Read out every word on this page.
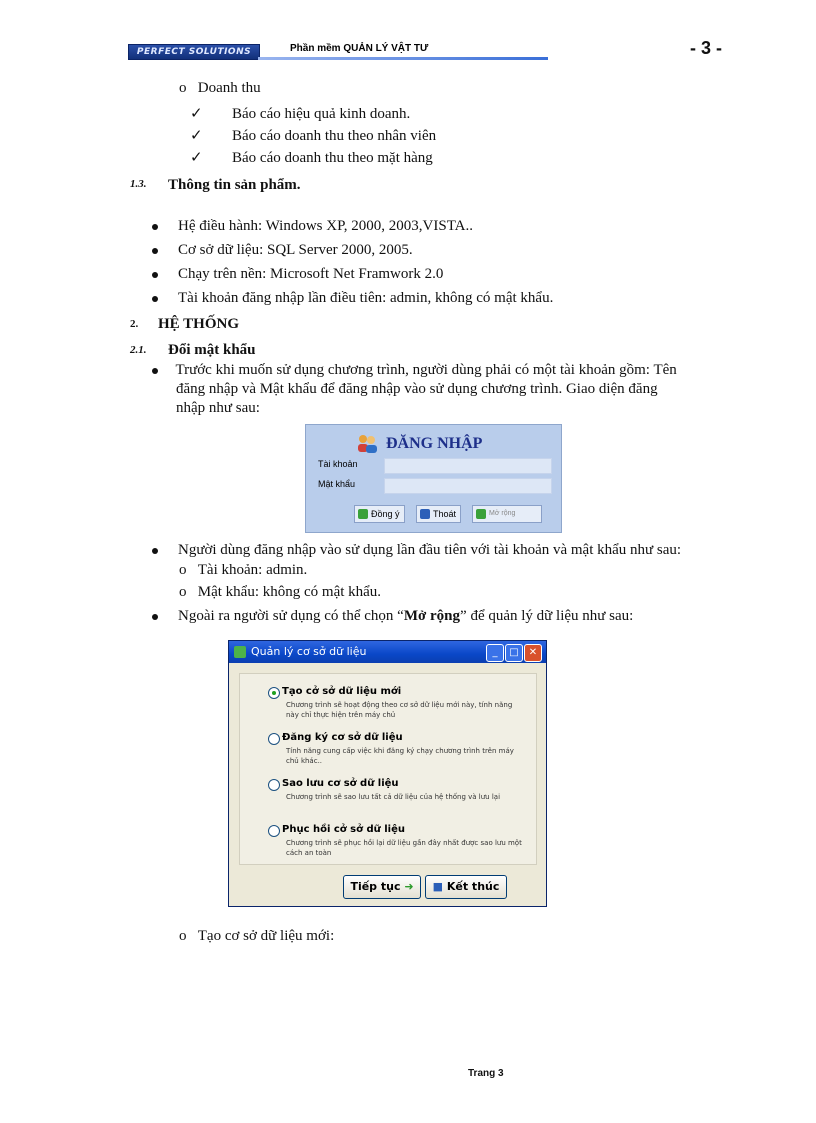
PERFECT SOLUTIONS	Phần mềm QUẢN LÝ VẬT TƯ	- 3 -
o   Doanh thu
✓ Báo cáo hiệu quả kinh doanh.
✓ Báo cáo doanh thu theo nhân viên
✓ Báo cáo doanh thu theo mặt hàng
1.3. Thông tin sản phẩm.
Hệ điều hành: Windows XP, 2000, 2003,VISTA..
Cơ sở dữ liệu: SQL Server 2000, 2005.
Chạy trên nền: Microsoft Net Framwork 2.0
Tài khoản đăng nhập lần điều tiên: admin, không có mật khẩu.
2. HỆ THỐNG
2.1. Đổi mật khẩu
Trước khi muốn sử dụng chương trình, người dùng phải có một tài khoản gồm: Tên
đăng nhập và Mật khẩu để đăng nhập vào sử dụng chương trình. Giao diện đăng
nhập như sau:
ĐĂNG NHẬP
Tài khoản
Mật khẩu
Đồng ý	Thoát	Mở rộng
Người dùng đăng nhập vào sử dụng lần đầu tiên với tài khoản và mật khẩu như sau:
o   Tài khoản: admin.
o   Mật khẩu: không có mật khẩu.
Ngoài ra người sử dụng có thể chọn “Mở rộng” để quản lý dữ liệu như sau:
Quản lý cơ sở dữ liệu	_	□	✕
Tạo cở sở dữ liệu mới
Chương trình sẽ hoạt động theo cơ sở dữ liệu mới này, tính năng này chỉ thực hiện trên máy chủ
Đăng ký cơ sở dữ liệu
Tính năng cung cấp việc khi đăng ký chạy chương trình trên máy chủ khác..
Sao lưu cơ sở dữ liệu
Chương trình sẽ sao lưu tất cả dữ liệu của hệ thống và lưu lại
Phục hồi cở sở dữ liệu
Chương trình sẽ phục hồi lại dữ liệu gần đây nhất được sao lưu một cách an toàn
Tiếp tục ➜	■ Kết thúc
o   Tạo cơ sở dữ liệu mới:
Trang 3
